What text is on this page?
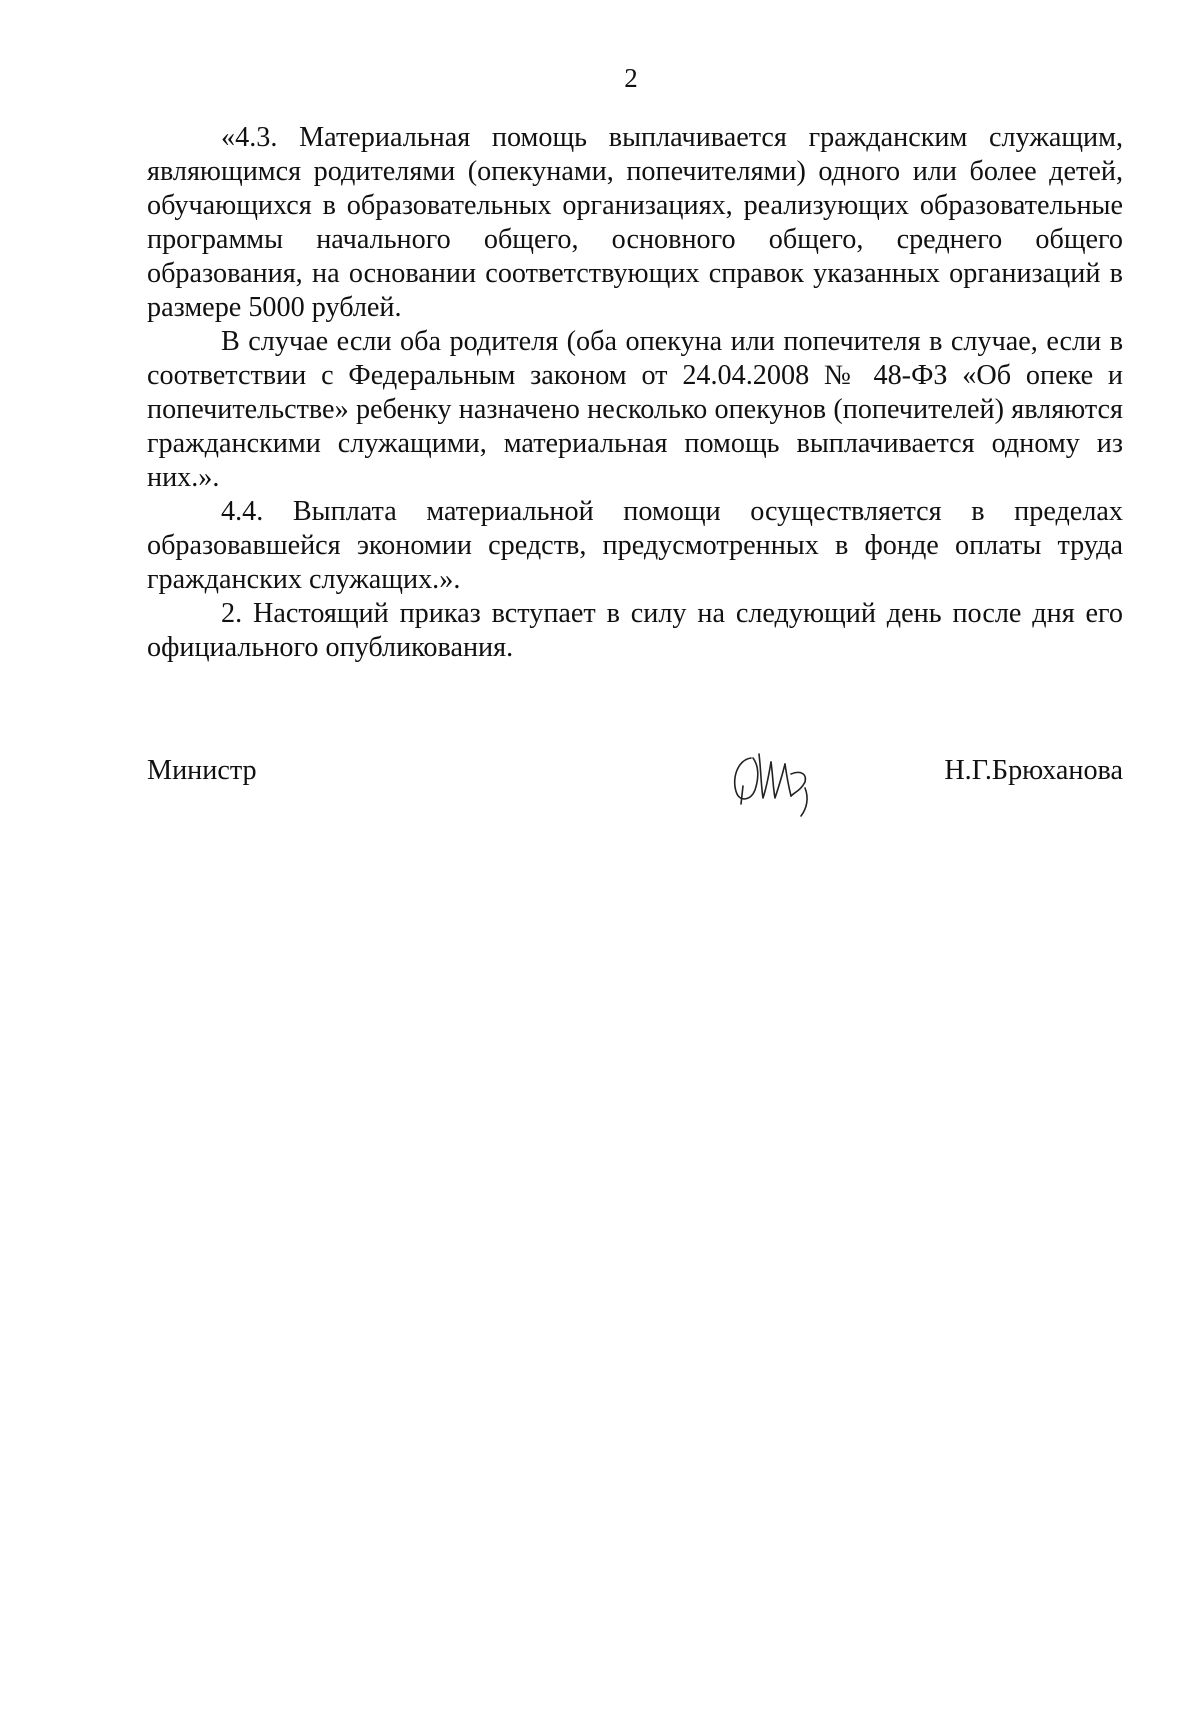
2

«4.3. Материальная помощь выплачивается гражданским служащим, являющимся родителями (опекунами, попечителями) одного или более детей, обучающихся в образовательных организациях, реализующих образовательные программы начального общего, основного общего, среднего общего образования, на основании соответствующих справок указанных организаций в размере 5000 рублей.

В случае если оба родителя (оба опекуна или попечителя в случае, если в соответствии с Федеральным законом от 24.04.2008 № 48-ФЗ «Об опеке и попечительстве» ребенку назначено несколько опекунов (попечителей) являются гражданскими служащими, материальная помощь выплачивается одному из них.».

4.4. Выплата материальной помощи осуществляется в пределах образовавшейся экономии средств, предусмотренных в фонде оплаты труда гражданских служащих.».

2. Настоящий приказ вступает в силу на следующий день после дня его официального опубликования.

Министр	Н.Г.Брюханова
